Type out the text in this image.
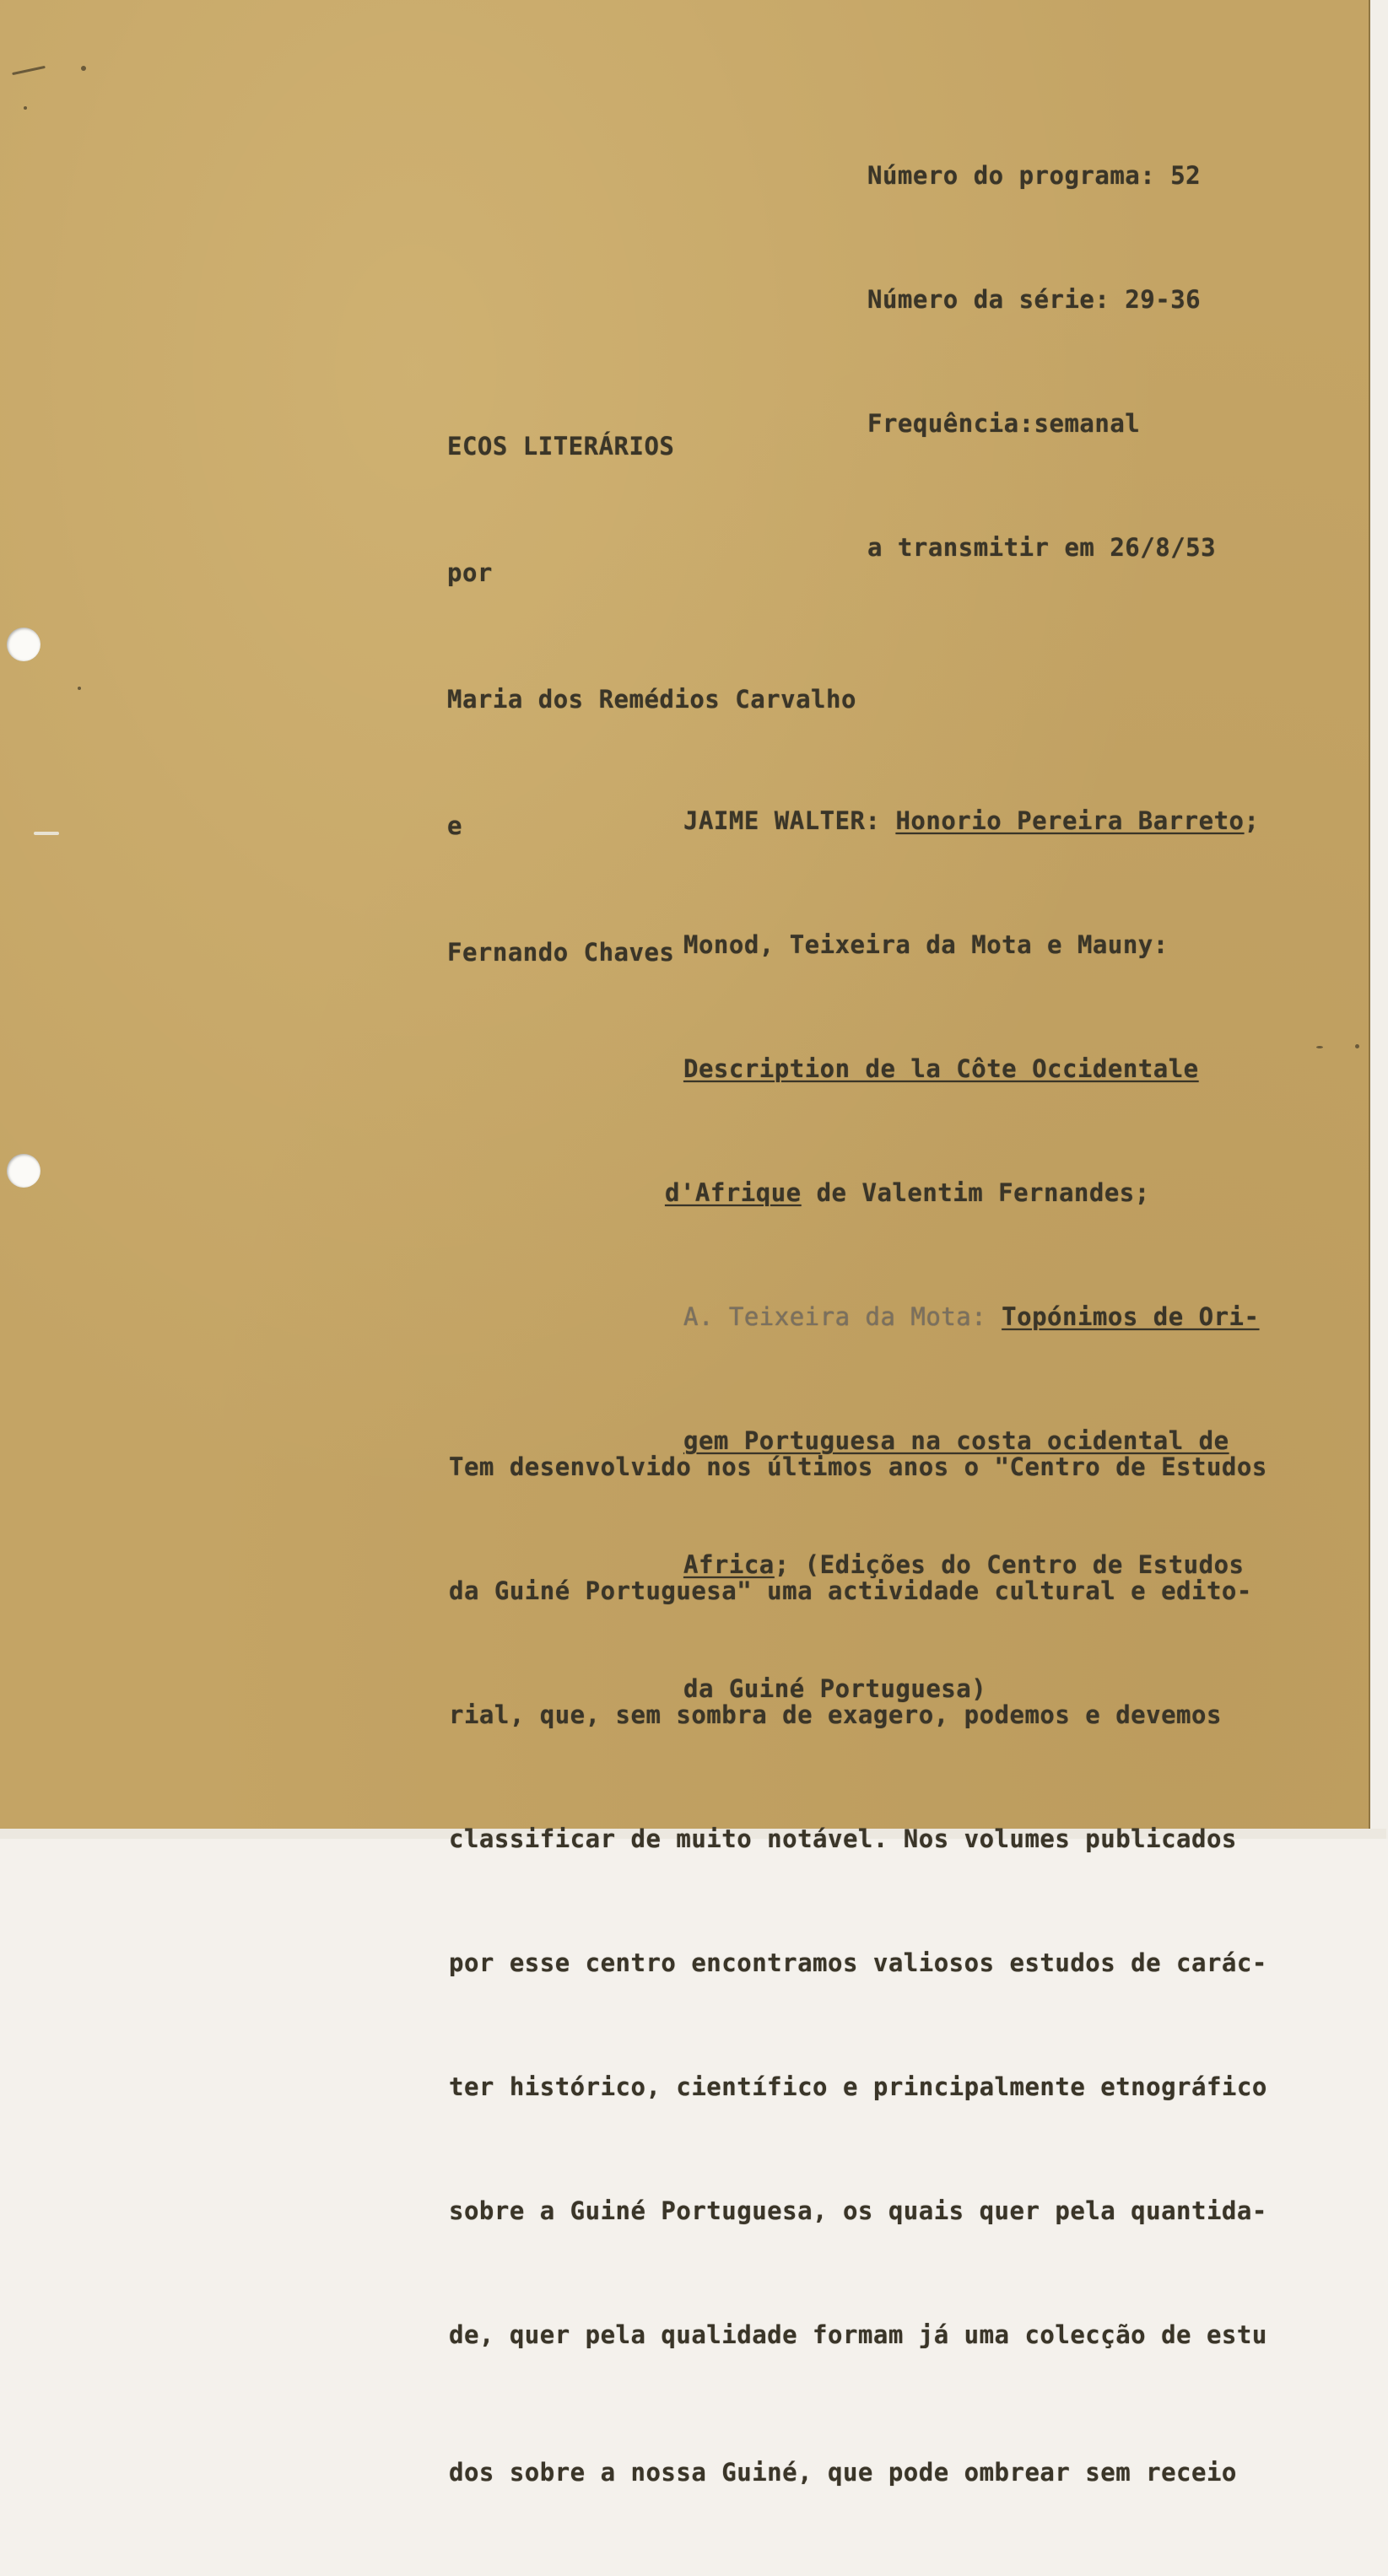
Número do programa: 52

Número da série: 29-36

Frequência:semanal

a transmitir em 26/8/53

ECOS LITERÁRIOS

por

Maria dos Remédios Carvalho

e

Fernando Chaves

JAIME WALTER: Honorio Pereira Barreto;

Monod, Teixeira da Mota e Mauny:

Description de la Côte Occidentale

d'Afrique de Valentim Fernandes;

A. Teixeira da Mota: Topónimos de Ori-

gem Portuguesa na costa ocidental de

Africa; (Edições do Centro de Estudos

da Guiné Portuguesa)

Tem desenvolvido nos últimos anos o "Centro de Estudos

da Guiné Portuguesa" uma actividade cultural e edito-

rial, que, sem sombra de exagero, podemos e devemos

classificar de muito notável. Nos volumes publicados

por esse centro encontramos valiosos estudos de carác-

ter histórico, científico e principalmente etnográfico

sobre a Guiné Portuguesa, os quais quer pela quantida-

de, quer pela qualidade formam já uma colecção de estu

dos sobre a nossa Guiné, que pode ombrear sem receio
